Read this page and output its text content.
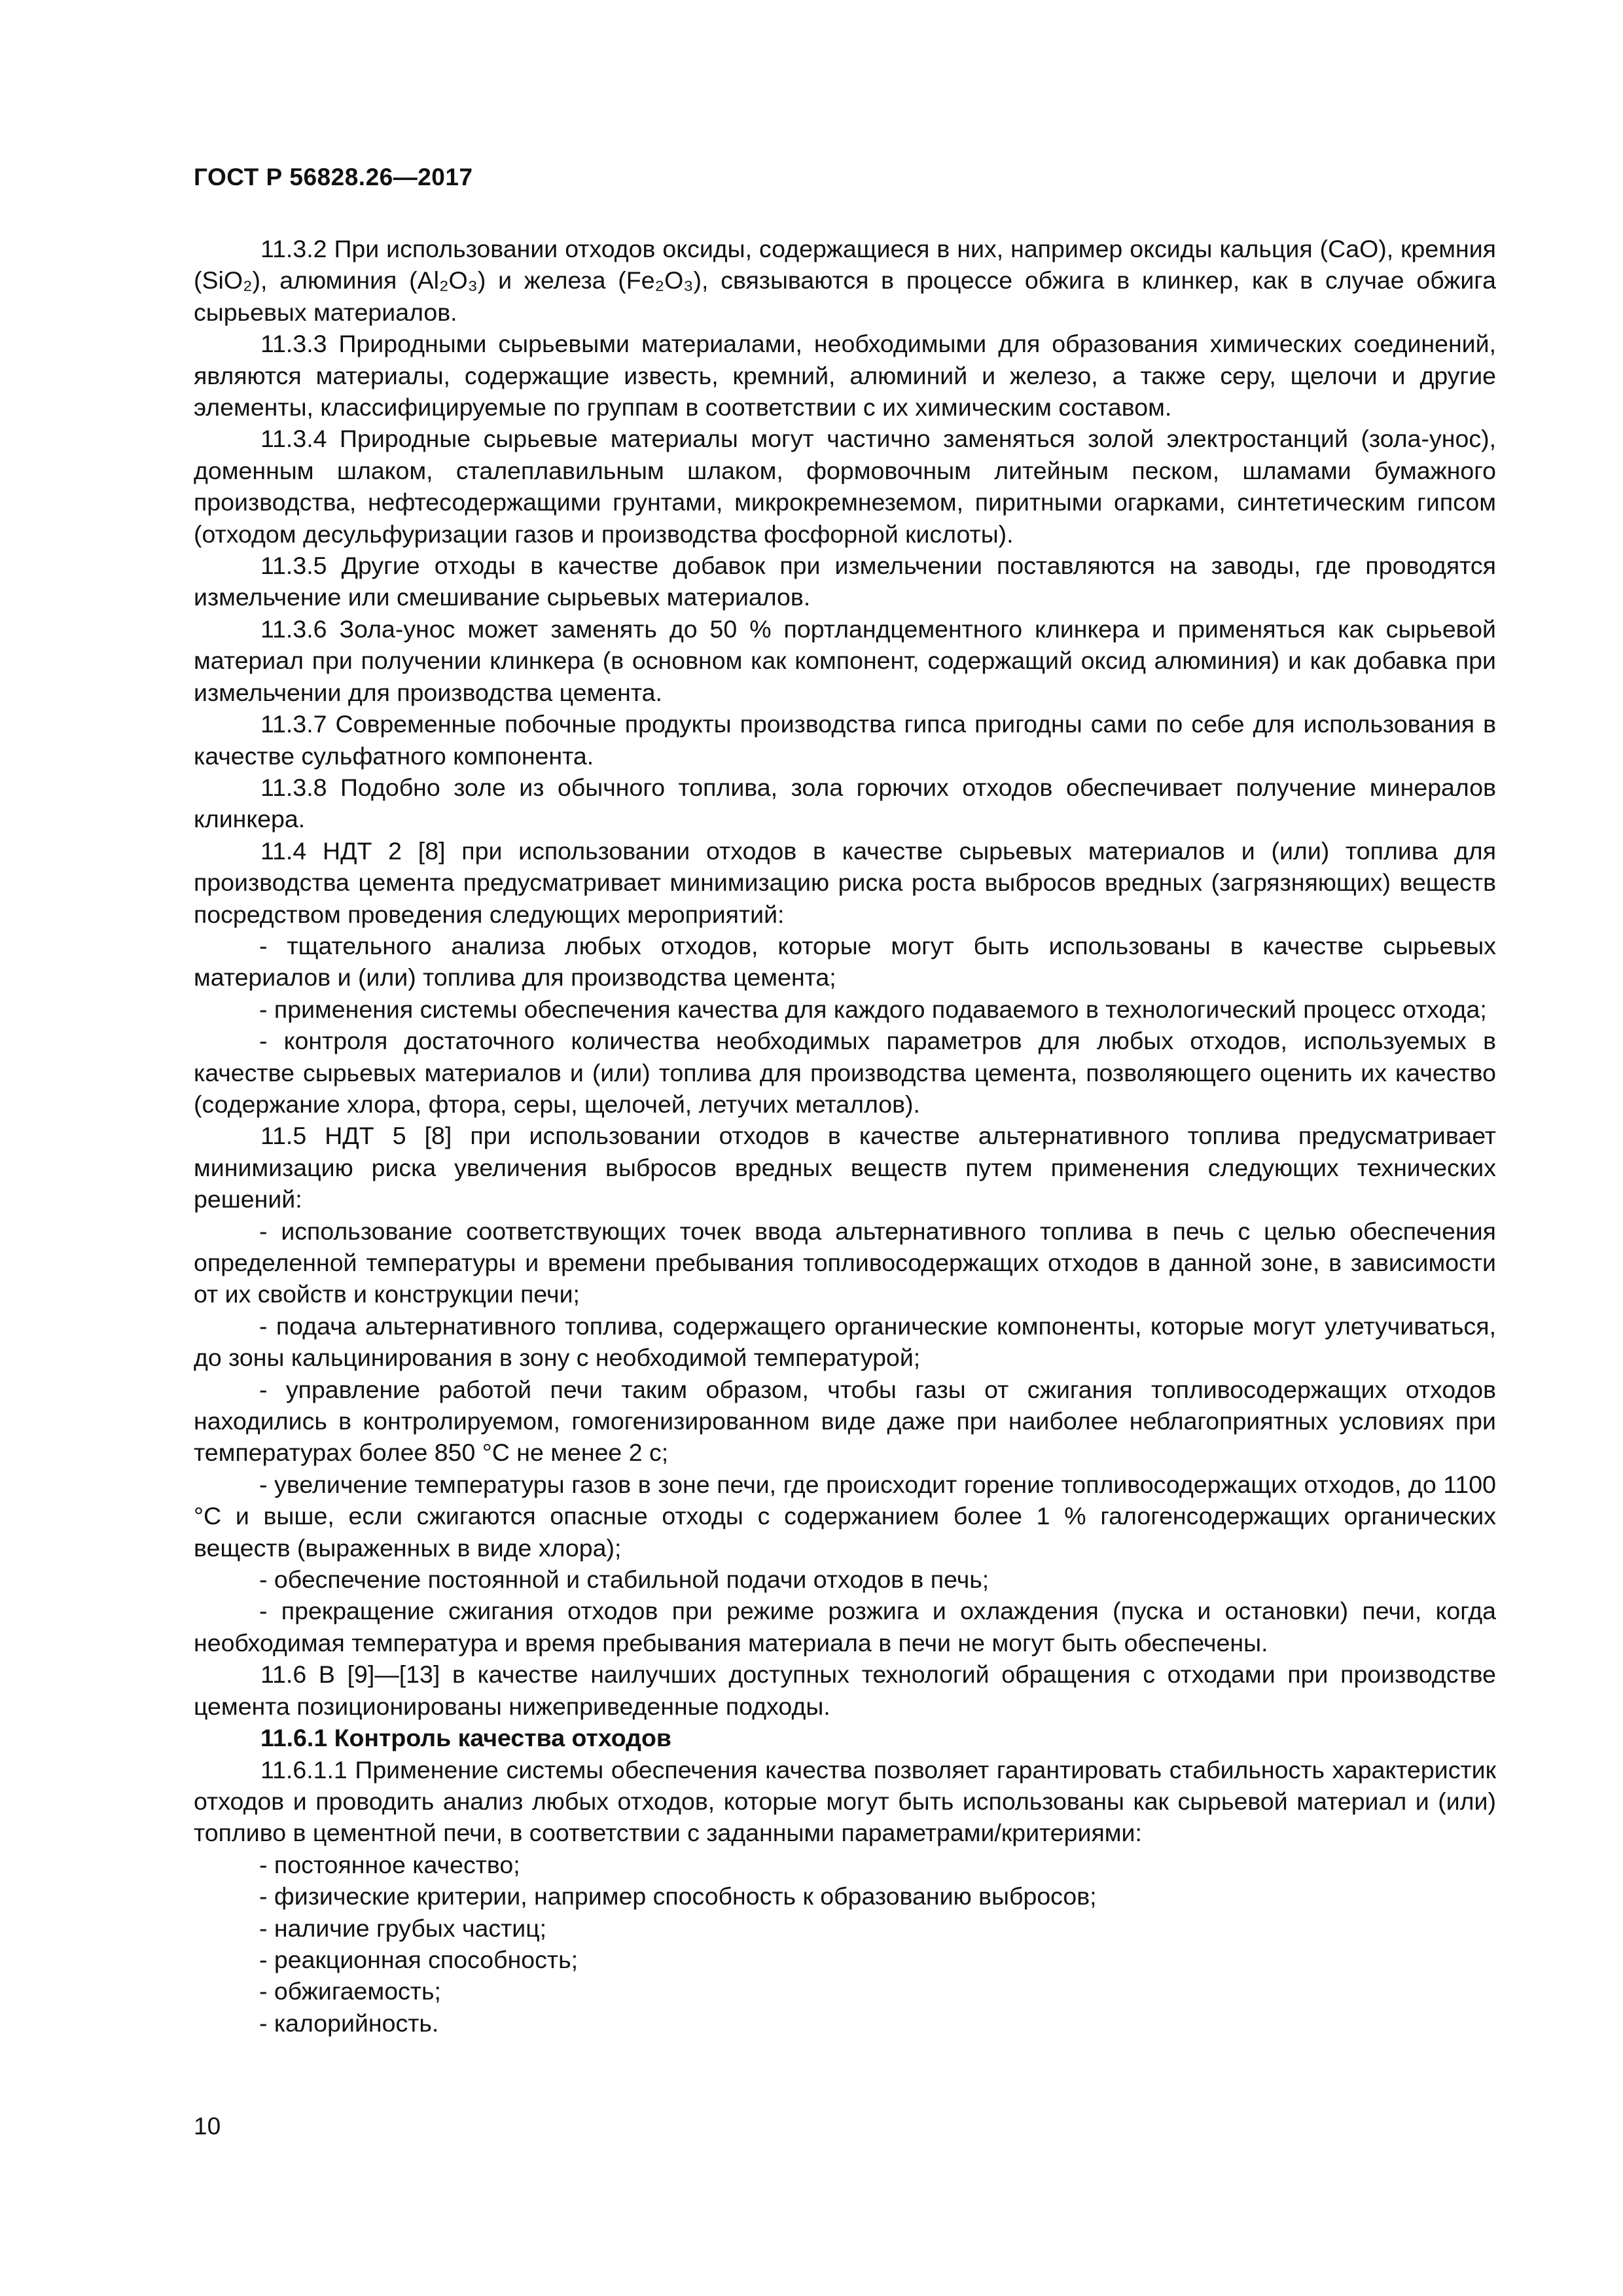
ГОСТ Р 56828.26—2017

11.3.2 При использовании отходов оксиды, содержащиеся в них, например оксиды кальция (CaO), кремния (SiO₂), алюминия (Al₂O₃) и железа (Fe₂O₃), связываются в процессе обжига в клинкер, как в случае обжига сырьевых материалов.

11.3.3 Природными сырьевыми материалами, необходимыми для образования химических соединений, являются материалы, содержащие известь, кремний, алюминий и железо, а также серу, щелочи и другие элементы, классифицируемые по группам в соответствии с их химическим составом.

11.3.4 Природные сырьевые материалы могут частично заменяться золой электростанций (зола-унос), доменным шлаком, сталеплавильным шлаком, формовочным литейным песком, шламами бумажного производства, нефтесодержащими грунтами, микрокремнеземом, пиритными огарками, синтетическим гипсом (отходом десульфуризации газов и производства фосфорной кислоты).

11.3.5 Другие отходы в качестве добавок при измельчении поставляются на заводы, где проводятся измельчение или смешивание сырьевых материалов.

11.3.6 Зола-унос может заменять до 50 % портландцементного клинкера и применяться как сырьевой материал при получении клинкера (в основном как компонент, содержащий оксид алюминия) и как добавка при измельчении для производства цемента.

11.3.7 Современные побочные продукты производства гипса пригодны сами по себе для использования в качестве сульфатного компонента.

11.3.8 Подобно золе из обычного топлива, зола горючих отходов обеспечивает получение минералов клинкера.

11.4 НДТ 2 [8] при использовании отходов в качестве сырьевых материалов и (или) топлива для производства цемента предусматривает минимизацию риска роста выбросов вредных (загрязняющих) веществ посредством проведения следующих мероприятий:

- тщательного анализа любых отходов, которые могут быть использованы в качестве сырьевых материалов и (или) топлива для производства цемента;

- применения системы обеспечения качества для каждого подаваемого в технологический процесс отхода;

- контроля достаточного количества необходимых параметров для любых отходов, используемых в качестве сырьевых материалов и (или) топлива для производства цемента, позволяющего оценить их качество (содержание хлора, фтора, серы, щелочей, летучих металлов).

11.5 НДТ 5 [8] при использовании отходов в качестве альтернативного топлива предусматривает минимизацию риска увеличения выбросов вредных веществ путем применения следующих технических решений:

- использование соответствующих точек ввода альтернативного топлива в печь с целью обеспечения определенной температуры и времени пребывания топливосодержащих отходов в данной зоне, в зависимости от их свойств и конструкции печи;

- подача альтернативного топлива, содержащего органические компоненты, которые могут улетучиваться, до зоны кальцинирования в зону с необходимой температурой;

- управление работой печи таким образом, чтобы газы от сжигания топливосодержащих отходов находились в контролируемом, гомогенизированном виде даже при наиболее неблагоприятных условиях при температурах более 850 °С не менее 2 с;

- увеличение температуры газов в зоне печи, где происходит горение топливосодержащих отходов, до 1100 °С и выше, если сжигаются опасные отходы с содержанием более 1 % галогенсодержащих органических веществ (выраженных в виде хлора);

- обеспечение постоянной и стабильной подачи отходов в печь;

- прекращение сжигания отходов при режиме розжига и охлаждения (пуска и остановки) печи, когда необходимая температура и время пребывания материала в печи не могут быть обеспечены.

11.6 В [9]—[13] в качестве наилучших доступных технологий обращения с отходами при производстве цемента позиционированы нижеприведенные подходы.

11.6.1 Контроль качества отходов

11.6.1.1 Применение системы обеспечения качества позволяет гарантировать стабильность характеристик отходов и проводить анализ любых отходов, которые могут быть использованы как сырьевой материал и (или) топливо в цементной печи, в соответствии с заданными параметрами/критериями:

- постоянное качество;

- физические критерии, например способность к образованию выбросов;

- наличие грубых частиц;

- реакционная способность;

- обжигаемость;

- калорийность.

10
